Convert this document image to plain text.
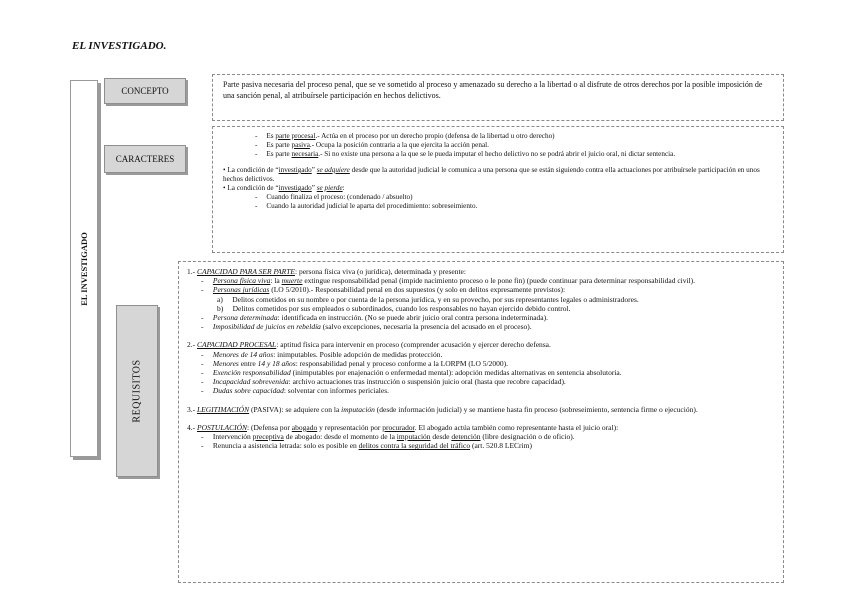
EL INVESTIGADO.
EL INVESTIGADO
CONCEPTO
CARACTERES
REQUISITOS

Parte pasiva necesaria del proceso penal, que se ve sometido al proceso y amenazado su derecho a la libertad o al disfrute de otros derechos por la posible imposición de una sanción penal, al atribuírsele participación en hechos delictivos.

-     Es parte procesal.- Actúa en el proceso por un derecho propio (defensa de la libertad u otro derecho)

-     Es parte pasiva.- Ocupa la posición contraria a la que ejercita la acción penal.

-     Es parte necesaria.- Si no existe una persona a la que se le pueda imputar el hecho delictivo no se podrá abrir el juicio oral, ni dictar sentencia.

• La condición de “investigado” se adquiere desde que la autoridad judicial le comunica a una persona que se están siguiendo contra ella actuaciones por atribuírsele participación en unos hechos delictivos.

• La condición de “investigado” se pierde:

-     Cuando finaliza el proceso: (condenado / absuelto)

-     Cuando la autoridad judicial le aparta del procedimiento: sobreseimiento.

1.- CAPACIDAD PARA SER PARTE: persona física viva (o jurídica), determinada y presente:

-     Persona física viva: la muerte extingue responsabilidad penal (impide nacimiento proceso o le pone fin) (puede continuar para determinar responsabilidad civil).

-     Personas jurídicas (LO 5/2010).- Responsabilidad penal en dos supuestos (y solo en delitos expresamente previstos):

a) Delitos cometidos en su nombre o por cuenta de la persona jurídica, y en su provecho, por sus representantes legales o administradores.

b) Delitos cometidos por sus empleados o subordinados, cuando los responsables no hayan ejercido debido control.

-     Persona determinada: identificada en instrucción. (No se puede abrir juicio oral contra persona indeterminada).

-     Imposibilidad de juicios en rebeldía (salvo excepciones, necesaria la presencia del acusado en el proceso).

2.- CAPACIDAD PROCESAL: aptitud física para intervenir en proceso (comprender acusación y ejercer derecho defensa.

-     Menores de 14 años: inimputables. Posible adopción de medidas protección.

-     Menores entre 14 y 18 años: responsabilidad penal y proceso conforme a la LORPM (LO 5/2000).

-     Exención responsabilidad (inimputables por enajenación o enfermedad mental): adopción medidas alternativas en sentencia absolutoria.

-     Incapacidad sobrevenida: archivo actuaciones tras instrucción o suspensión juicio oral (hasta que recobre capacidad).

-     Dudas sobre capacidad: solventar con informes periciales.

3.- LEGITIMACIÓN (PASIVA): se adquiere con la imputación (desde información judicial) y se mantiene hasta fin proceso (sobreseimiento, sentencia firme o ejecución).

4.- POSTULACIÓN: (Defensa por abogado y representación por procurador. El abogado actúa también como representante hasta el juicio oral):

-     Intervención preceptiva de abogado: desde el momento de la imputación desde detención (libre designación o de oficio).

-     Renuncia a asistencia letrada: solo es posible en delitos contra la seguridad del tráfico (art. 520.8 LECrim)
